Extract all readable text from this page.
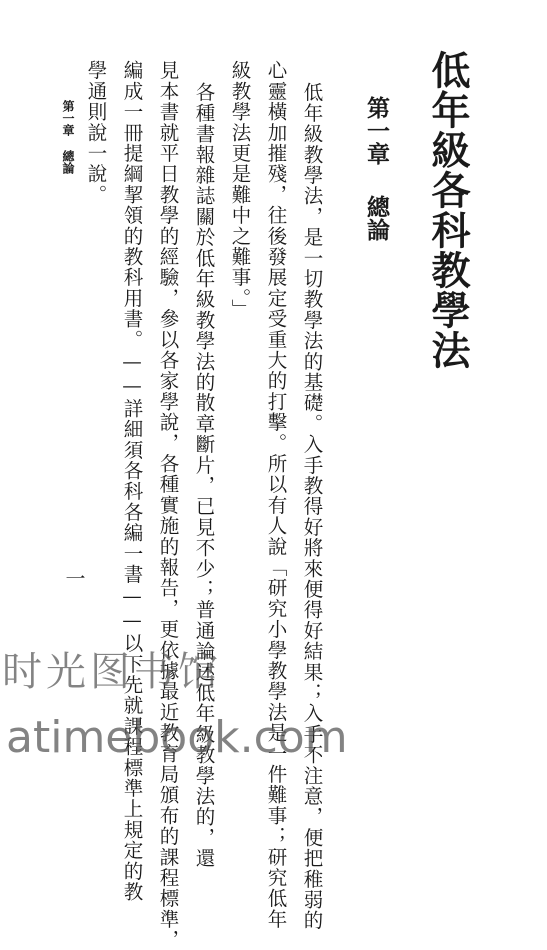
低年級各科教學法
第一章總論
低年級教學法，是一切教學法的基礎。入手教得好將來便得好結果；入手不注意，便把稚弱的
心靈橫加摧殘，往後發展定受重大的打擊。所以有人說「研究小學教學法是一件難事；研究低年
級教學法更是難中之難事。」
各種書報雜誌關於低年級教學法的散章斷片，已見不少；普通論述低年級教學法的，還
見本書就平日教學的經驗，參以各家學說，各種實施的報告，更依據最近教育局頒布的課程標準，
編成一冊提綱挈領的教科用書。——詳細須各科各編一書——以下先就課程標準上規定的教
學通則說一說。
第一章 總論
一
时光图书馆
atimebook.com
